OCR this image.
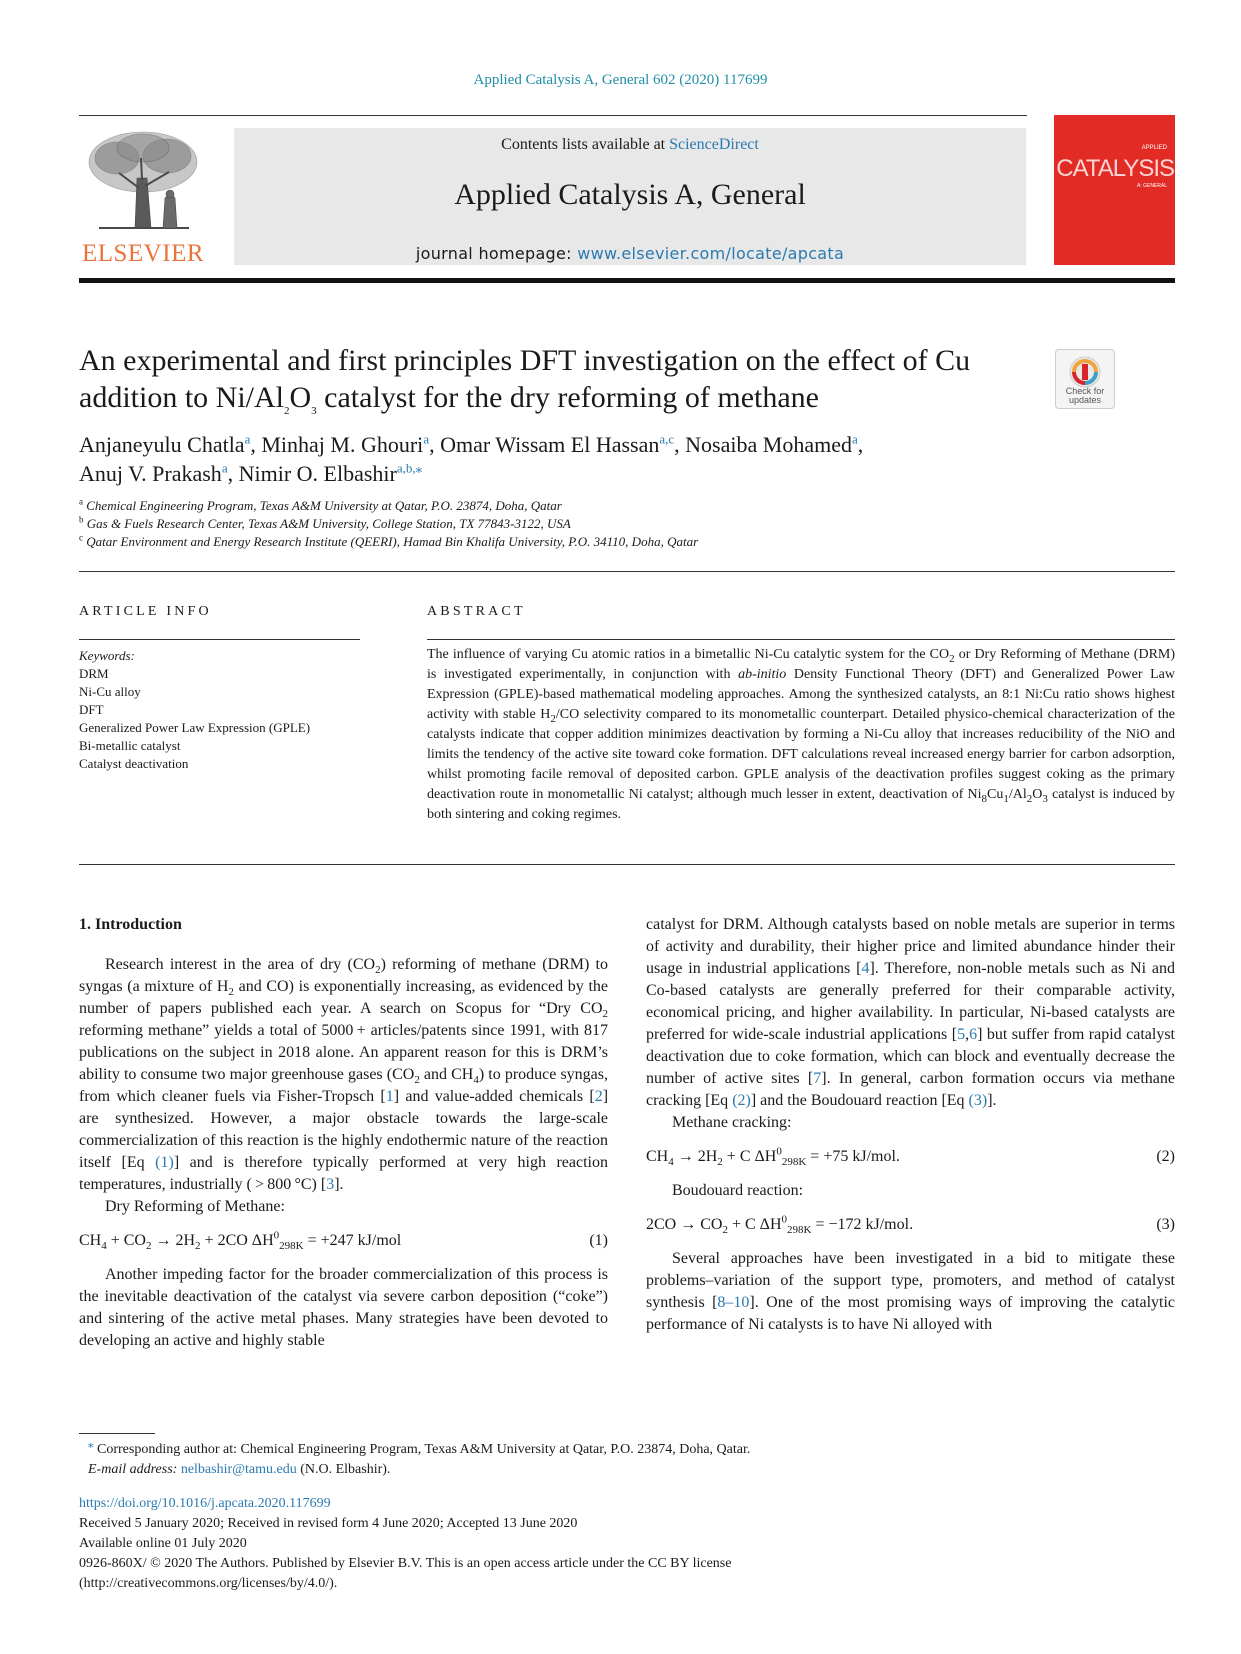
Applied Catalysis A, General 602 (2020) 117699
ELSEVIER
Contents lists available at ScienceDirect
Applied Catalysis A, General
journal homepage: www.elsevier.com/locate/apcata
APPLIED
CATALYSIS
A: GENERAL
An experimental and first principles DFT investigation on the effect of Cu addition to $Ni/Al_2O_3$ catalyst for the dry reforming of methane	Check for updates
Anjaneyulu Chatla$^a$, Minhaj M. Ghouri$^a$, Omar Wissam El Hassan$^{a,c}$, Nosaiba Mohamed$^a$,
Anuj V. Prakash$^a$, Nimir O. Elbashir$^{a,b,⁎}$
$^a$ Chemical Engineering Program, Texas A&M University at Qatar, P.O. 23874, Doha, Qatar
$^b$ Gas & Fuels Research Center, Texas A&M University, College Station, TX 77843-3122, USA
$^c$ Qatar Environment and Energy Research Institute (QEERI), Hamad Bin Khalifa University, P.O. 34110, Doha, Qatar
ARTICLE INFO	ABSTRACT
Keywords:
DRM
Ni-Cu alloy
DFT
Generalized Power Law Expression (GPLE)
Bi-metallic catalyst
Catalyst deactivation
The influence of varying Cu atomic ratios in a bimetallic Ni-Cu catalytic system for the $CO_2$ or Dry Reforming of Methane (DRM) is investigated experimentally, in conjunction with ab-initio Density Functional Theory (DFT) and Generalized Power Law Expression (GPLE)-based mathematical modeling approaches. Among the synthesized catalysts, an 8:1 Ni:Cu ratio shows highest activity with stable $H_2/CO$ selectivity compared to its monometallic counterpart. Detailed physico-chemical characterization of the catalysts indicate that copper addition minimizes deactivation by forming a Ni-Cu alloy that increases reducibility of the NiO and limits the tendency of the active site toward coke formation. DFT calculations reveal increased energy barrier for carbon adsorption, whilst promoting facile removal of deposited carbon. GPLE analysis of the deactivation profiles suggest coking as the primary deactivation route in monometallic Ni catalyst; although much lesser in extent, deactivation of $Ni_8Cu_1/Al_2O_3$ catalyst is induced by both sintering and coking regimes.
1. Introduction

Research interest in the area of dry $(CO_2)$ reforming of methane (DRM) to syngas (a mixture of $H_2$ and CO) is exponentially increasing, as evidenced by the number of papers published each year. A search on Scopus for “Dry $CO_2$ reforming methane” yields a total of 5000 + articles/patents since 1991, with 817 publications on the subject in 2018 alone. An apparent reason for this is DRM’s ability to consume two major greenhouse gases ($CO_2$ and $CH_4$) to produce syngas, from which cleaner fuels via Fisher-Tropsch [1] and value-added chemicals [2] are synthesized. However, a major obstacle towards the large-scale commercialization of this reaction is the highly endothermic nature of the reaction itself [Eq (1)] and is therefore typically performed at very high reaction temperatures, industrially ( > 800 °C) [3].

Dry Reforming of Methane:

$CH_4 + CO_2 \to 2H_2 + 2CO$ $\Delta H^0_{298K} = +247$ kJ/mol	(1)

Another impeding factor for the broader commercialization of this process is the inevitable deactivation of the catalyst via severe carbon deposition (“coke”) and sintering of the active metal phases. Many strategies have been devoted to developing an active and highly stable

catalyst for DRM. Although catalysts based on noble metals are superior in terms of activity and durability, their higher price and limited abundance hinder their usage in industrial applications [4]. Therefore, non-noble metals such as Ni and Co-based catalysts are generally preferred for their comparable activity, economical pricing, and higher availability. In particular, Ni-based catalysts are preferred for wide-scale industrial applications [5,6] but suffer from rapid catalyst deactivation due to coke formation, which can block and eventually decrease the number of active sites [7]. In general, carbon formation occurs via methane cracking [Eq (2)] and the Boudouard reaction [Eq (3)].

Methane cracking:

$CH_4 \to 2H_2 + C$ $\Delta H^0_{298K} = +75$ kJ/mol.	(2)

Boudouard reaction:

$2CO \to CO_2 + C$ $\Delta H^0_{298K} = -172$ kJ/mol.	(3)

Several approaches have been investigated in a bid to mitigate these problems–variation of the support type, promoters, and method of catalyst synthesis [8–10]. One of the most promising ways of improving the catalytic performance of Ni catalysts is to have Ni alloyed with

⁎ Corresponding author at: Chemical Engineering Program, Texas A&M University at Qatar, P.O. 23874, Doha, Qatar.
E-mail address: nelbashir@tamu.edu (N.O. Elbashir).
https://doi.org/10.1016/j.apcata.2020.117699
Received 5 January 2020; Received in revised form 4 June 2020; Accepted 13 June 2020
Available online 01 July 2020
0926-860X/ © 2020 The Authors. Published by Elsevier B.V. This is an open access article under the CC BY license
(http://creativecommons.org/licenses/by/4.0/).
